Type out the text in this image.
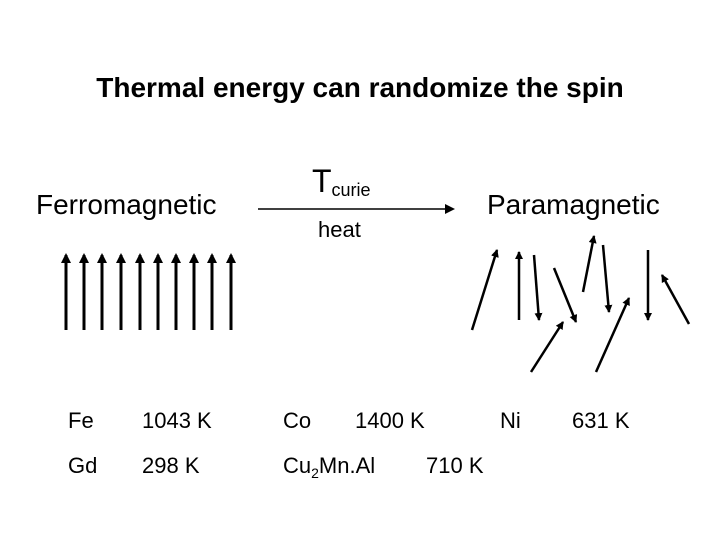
Thermal energy can randomize the spin
Ferromagnetic	Paramagnetic
$T_{curie}$
heat
Fe 1043 K
Gd 298 K
Co 1400 K
$Cu_2Mn.Al$ 710 K
Ni 631 K
